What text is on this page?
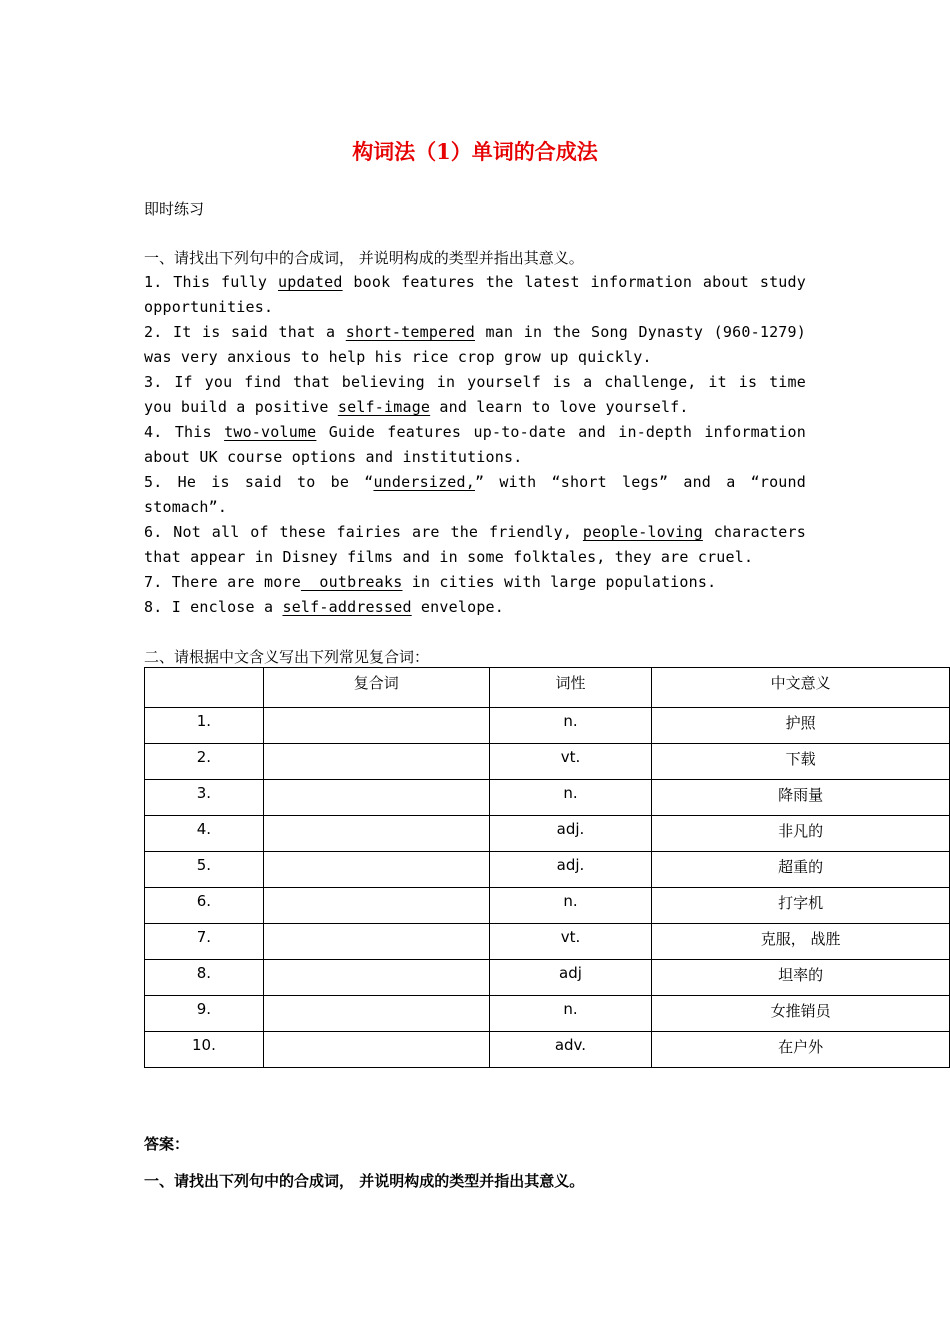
构词法（1）单词的合成法
即时练习
一、请找出下列句中的合成词， 并说明构成的类型并指出其意义。
1. This fully updated book features the latest information about study opportunities.
2. It is said that a short-tempered man in the Song Dynasty (960-1279) was very anxious to help his rice crop grow up quickly.
3. If you find that believing in yourself is a challenge, it is time you build a positive self-image and learn to love yourself.
4. This two-volume Guide features up-to-date and in-depth information about UK course options and institutions.
5. He is said to be “undersized,” with “short legs” and a “round stomach”.
6. Not all of these fairies are the friendly, people-loving characters that appear in Disney films and in some folktales, they are cruel.
7. There are more  outbreaks in cities with large populations.
8. I enclose a self-addressed envelope.
二、请根据中文含义写出下列常见复合词：
	复合词	词性	中文意义
1.		n.	护照
2.		vt.	下载
3.		n.	降雨量
4.		adj.	非凡的
5.		adj.	超重的
6.		n.	打字机
7.		vt.	克服， 战胜
8.		adj	坦率的
9.		n.	女推销员
10.		adv.	在户外
答案：
一、请找出下列句中的合成词， 并说明构成的类型并指出其意义。
